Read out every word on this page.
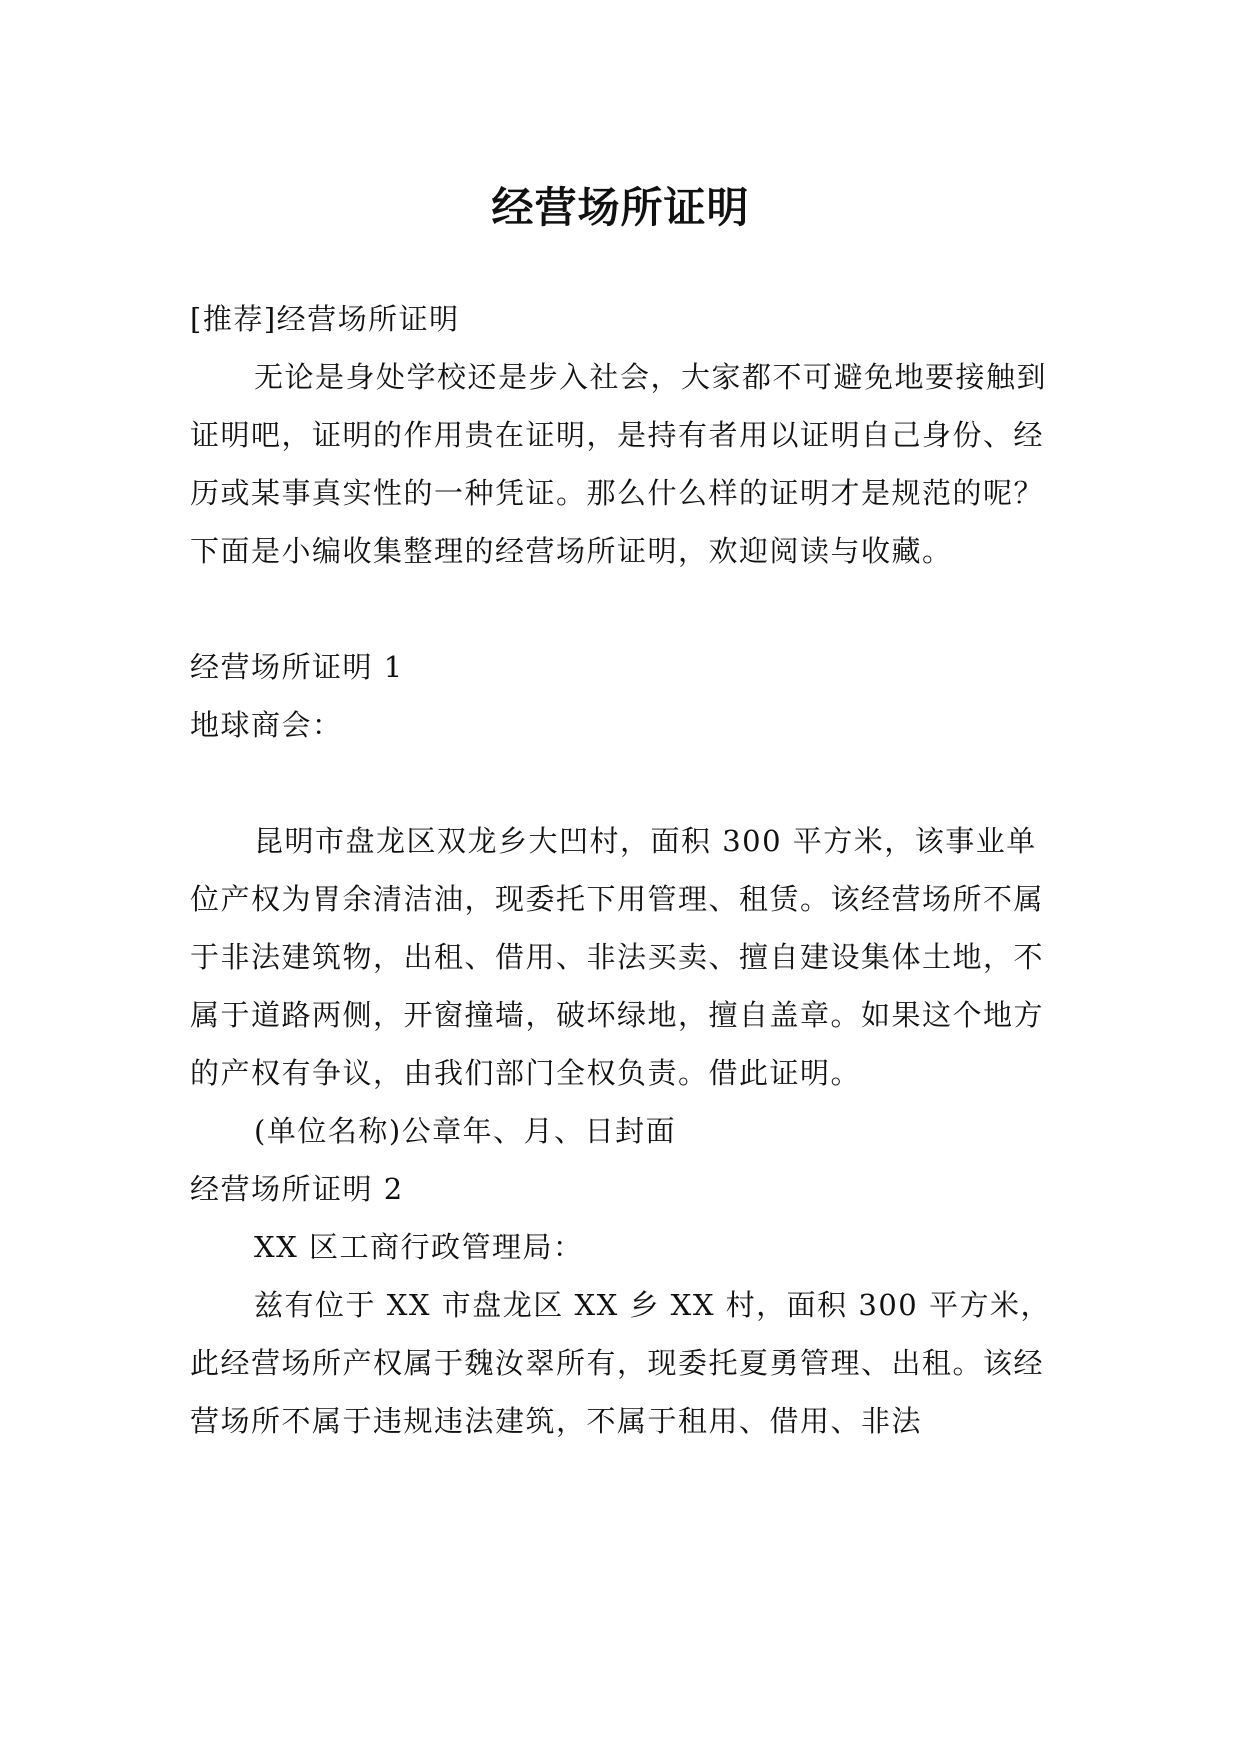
经营场所证明

[推荐]经营场所证明

无论是身处学校还是步入社会，大家都不可避免地要接触到证明吧，证明的作用贵在证明，是持有者用以证明自己身份、经历或某事真实性的一种凭证。那么什么样的证明才是规范的呢？下面是小编收集整理的经营场所证明，欢迎阅读与收藏。

经营场所证明 1

地球商会：

昆明市盘龙区双龙乡大凹村，面积 300 平方米，该事业单位产权为胃余清洁油，现委托下用管理、租赁。该经营场所不属于非法建筑物，出租、借用、非法买卖、擅自建设集体土地，不属于道路两侧，开窗撞墙，破坏绿地，擅自盖章。如果这个地方的产权有争议，由我们部门全权负责。借此证明。

(单位名称)公章年、月、日封面

经营场所证明 2

XX 区工商行政管理局：

兹有位于 XX 市盘龙区 XX 乡 XX 村，面积 300 平方米，此经营场所产权属于魏汝翠所有，现委托夏勇管理、出租。该经营场所不属于违规违法建筑，不属于租用、借用、非法
